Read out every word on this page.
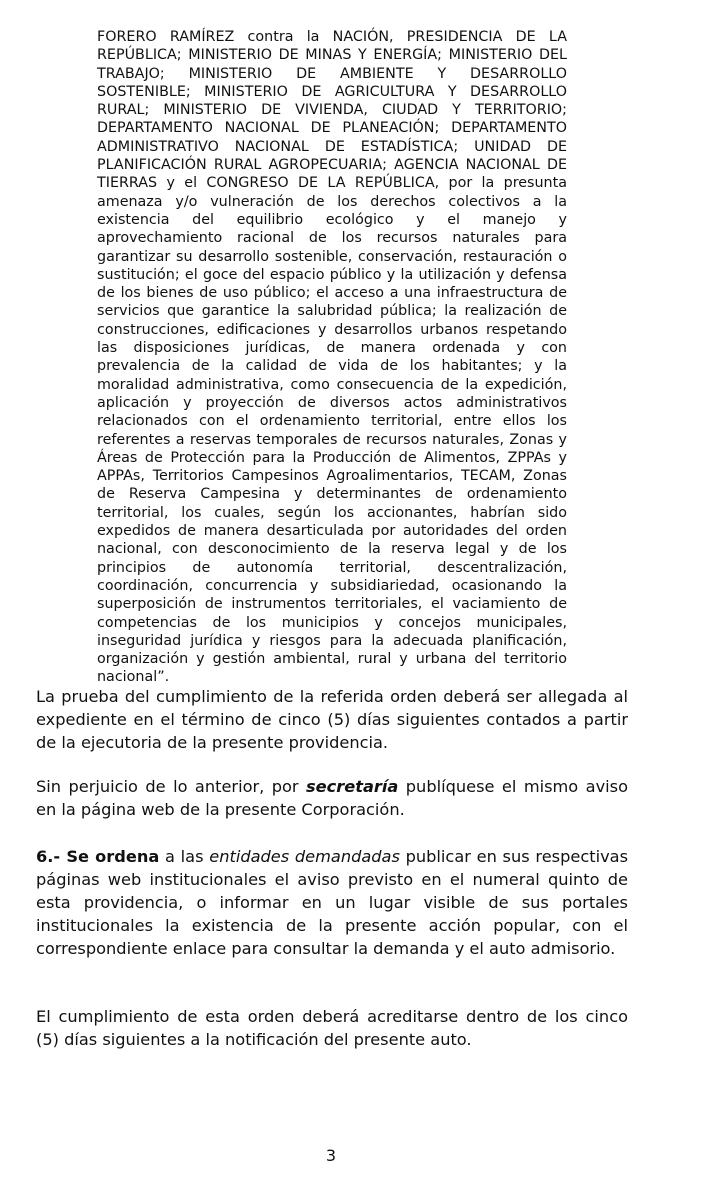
FORERO RAMÍREZ contra la NACIÓN, PRESIDENCIA DE LA REPÚBLICA; MINISTERIO DE MINAS Y ENERGÍA; MINISTERIO DEL TRABAJO; MINISTERIO DE AMBIENTE Y DESARROLLO SOSTENIBLE; MINISTERIO DE AGRICULTURA Y DESARROLLO RURAL; MINISTERIO DE VIVIENDA, CIUDAD Y TERRITORIO; DEPARTAMENTO NACIONAL DE PLANEACIÓN; DEPARTAMENTO ADMINISTRATIVO NACIONAL DE ESTADÍSTICA; UNIDAD DE PLANIFICACIÓN RURAL AGROPECUARIA; AGENCIA NACIONAL DE TIERRAS y el CONGRESO DE LA REPÚBLICA, por la presunta amenaza y/o vulneración de los derechos colectivos a la existencia del equilibrio ecológico y el manejo y aprovechamiento racional de los recursos naturales para garantizar su desarrollo sostenible, conservación, restauración o sustitución; el goce del espacio público y la utilización y defensa de los bienes de uso público; el acceso a una infraestructura de servicios que garantice la salubridad pública; la realización de construcciones, edificaciones y desarrollos urbanos respetando las disposiciones jurídicas, de manera ordenada y con prevalencia de la calidad de vida de los habitantes; y la moralidad administrativa, como consecuencia de la expedición, aplicación y proyección de diversos actos administrativos relacionados con el ordenamiento territorial, entre ellos los referentes a reservas temporales de recursos naturales, Zonas y Áreas de Protección para la Producción de Alimentos, ZPPAs y APPAs, Territorios Campesinos Agroalimentarios, TECAM, Zonas de Reserva Campesina y determinantes de ordenamiento territorial, los cuales, según los accionantes, habrían sido expedidos de manera desarticulada por autoridades del orden nacional, con desconocimiento de la reserva legal y de los principios de autonomía territorial, descentralización, coordinación, concurrencia y subsidiariedad, ocasionando la superposición de instrumentos territoriales, el vaciamiento de competencias de los municipios y concejos municipales, inseguridad jurídica y riesgos para la adecuada planificación, organización y gestión ambiental, rural y urbana del territorio nacional”.

La prueba del cumplimiento de la referida orden deberá ser allegada al expediente en el término de cinco (5) días siguientes contados a partir de la ejecutoria de la presente providencia.

Sin perjuicio de lo anterior, por secretaría publíquese el mismo aviso en la página web de la presente Corporación.

6.- Se ordena a las entidades demandadas publicar en sus respectivas páginas web institucionales el aviso previsto en el numeral quinto de esta providencia, o informar en un lugar visible de sus portales institucionales la existencia de la presente acción popular, con el correspondiente enlace para consultar la demanda y el auto admisorio.

El cumplimiento de esta orden deberá acreditarse dentro de los cinco (5) días siguientes a la notificación del presente auto.

3
